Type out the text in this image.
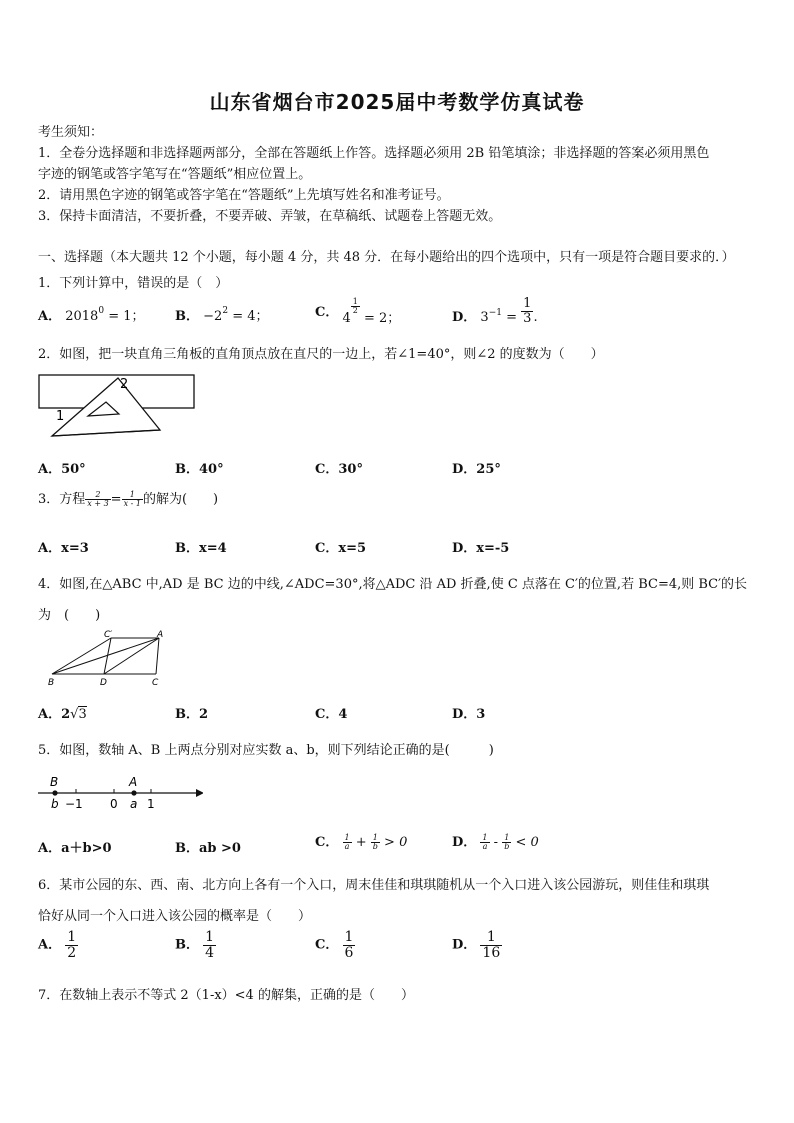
山东省烟台市2025届中考数学仿真试卷
考生须知：
1．全卷分选择题和非选择题两部分，全部在答题纸上作答。选择题必须用 2B 铅笔填涂；非选择题的答案必须用黑色
字迹的钢笔或答字笔写在“答题纸”相应位置上。
2．请用黑色字迹的钢笔或答字笔在“答题纸”上先填写姓名和准考证号。
3．保持卡面清洁，不要折叠，不要弄破、弄皱，在草稿纸、试题卷上答题无效。
一、选择题（本大题共 12 个小题，每小题 4 分，共 48 分．在每小题给出的四个选项中，只有一项是符合题目要求的．）
1．下列计算中，错误的是（　）
A． $2018^0 = 1$； B． $-2^2 = 4$；	C． 4
$\frac{1}{2}$
= 2；	D． $3-1 = \frac{1}{3}$ .
2．如图，把一块直角三角板的直角顶点放在直尺的一边上，若∠1=40°，则∠2 的度数为（　　）
2
1
A．50°	B．40°	C．30°	D．25°
3．方程 $\frac{2}{x + 3} = \frac{1}{x - 1}$ 的解为(　　)
A．x=3	B．x=4	C．x=5	D．x=-5
4．如图,在△ABC 中,AD 是 BC 边的中线,∠ADC=30°,将△ADC 沿 AD 折叠,使 C 点落在 C′的位置,若 BC=4,则 BC′的长
为　(　　)
C′	A
B	D	C
A．2√3	B．2	C．4	D．3
5．如图，数轴 A、B 上两点分别对应实数 a、b，则下列结论正确的是(　　　)
B	A
b −1 0 a 1
A．a＋b>0	B．ab >0	C． $\frac{1}{a} + \frac{1}{b} > 0$	D． $\frac{1}{a} - \frac{1}{b} < 0$
6．某市公园的东、西、南、北方向上各有一个入口，周末佳佳和琪琪随机从一个入口进入该公园游玩，则佳佳和琪琪
恰好从同一个入口进入该公园的概率是（　　）
A． $\frac{1}{2}$	B． $\frac{1}{4}$	C． $\frac{1}{6}$	D． $\frac{1}{16}$
7．在数轴上表示不等式 2（1-x）<4 的解集，正确的是（　　）
